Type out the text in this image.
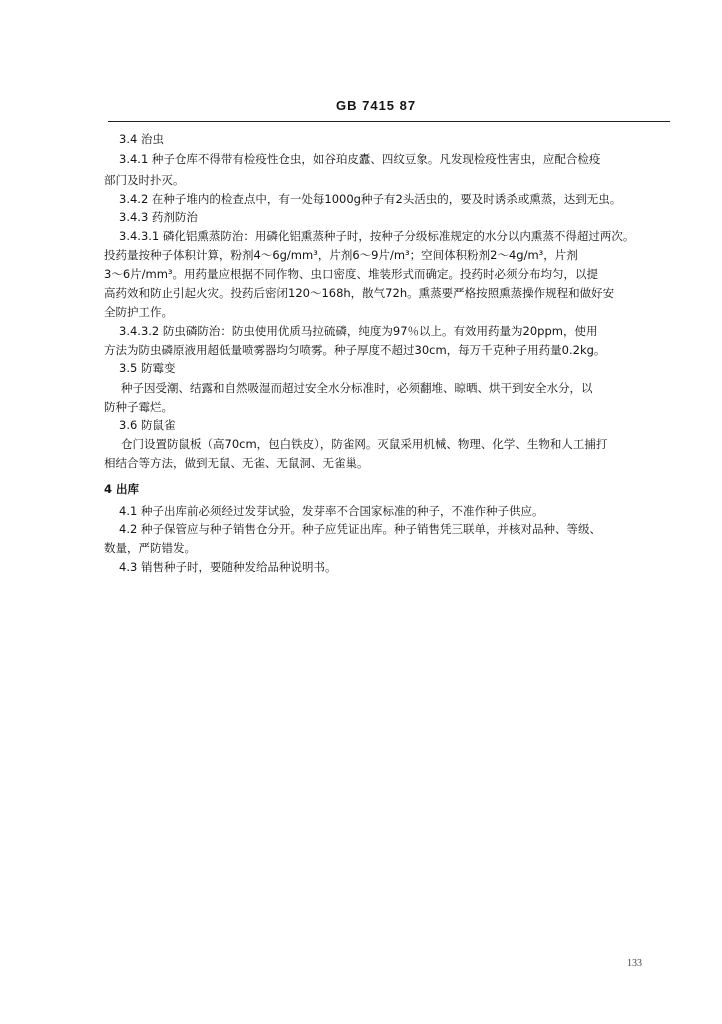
GB 7415 87
3.4 治虫
3.4.1 种子仓库不得带有检疫性仓虫，如谷珀皮蠹、四纹豆象。凡发现检疫性害虫，应配合检疫
部门及时扑灭。
3.4.2 在种子堆内的检查点中，有一处每1000g种子有2头活虫的，要及时诱杀或熏蒸，达到无虫。
3.4.3 药剂防治
3.4.3.1 磷化铝熏蒸防治：用磷化铝熏蒸种子时，按种子分级标准规定的水分以内熏蒸不得超过两次。
投药量按种子体积计算，粉剂4～6g/mm³，片剂6～9片/m³；空间体积粉剂2～4g/m³，片剂
3～6片/mm³。用药量应根据不同作物、虫口密度、堆装形式而确定。投药时必须分布均匀，以提
高药效和防止引起火灾。投药后密闭120～168h，散气72h。熏蒸要严格按照熏蒸操作规程和做好安
全防护工作。
3.4.3.2 防虫磷防治：防虫使用优质马拉硫磷，纯度为97％以上。有效用药量为20ppm，使用
方法为防虫磷原液用超低量喷雾器均匀喷雾。种子厚度不超过30cm，每万千克种子用药量0.2kg。
3.5 防霉变
种子因受潮、结露和自然吸湿而超过安全水分标准时，必须翻堆、晾晒、烘干到安全水分，以
防种子霉烂。
3.6 防鼠雀
仓门设置防鼠板（高70cm，包白铁皮），防雀网。灭鼠采用机械、物理、化学、生物和人工捕打
相结合等方法，做到无鼠、无雀、无鼠洞、无雀巢。
4 出库
4.1 种子出库前必须经过发芽试验，发芽率不合国家标准的种子，不准作种子供应。
4.2 种子保管应与种子销售仓分开。种子应凭证出库。种子销售凭三联单，并核对品种、等级、
数量，严防错发。
4.3 销售种子时，要随种发给品种说明书。
133
